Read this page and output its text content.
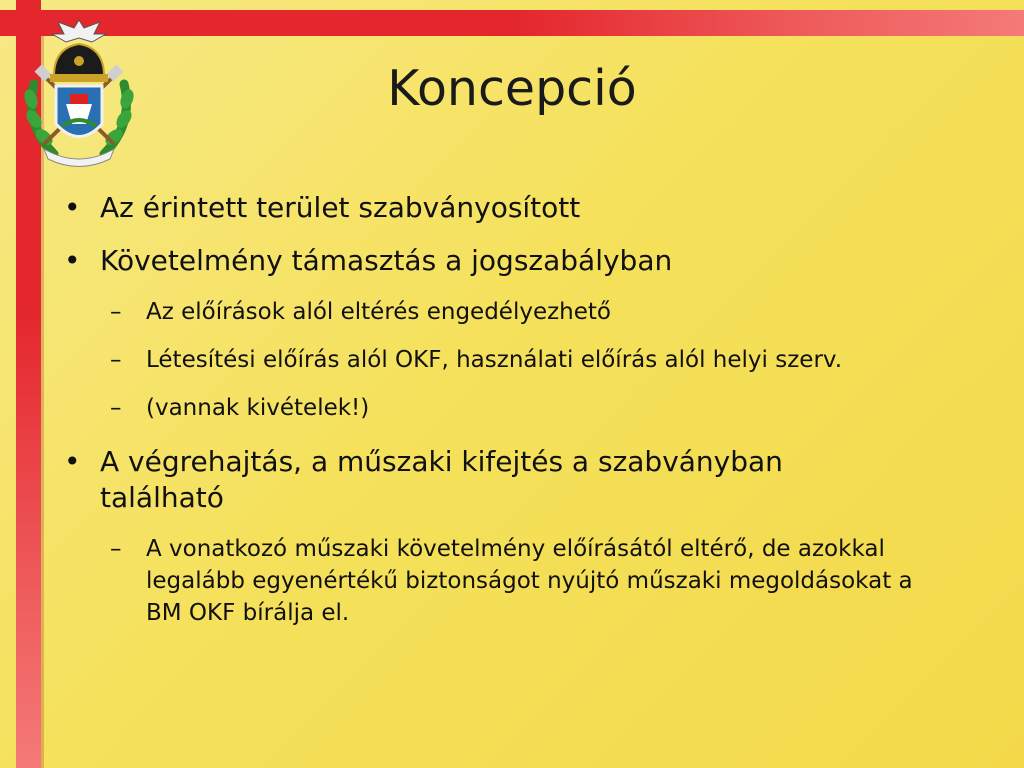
Koncepció
• Az érintett terület szabványosított
• Követelmény támasztás a jogszabályban
– Az előírások alól eltérés engedélyezhető
– Létesítési előírás alól OKF, használati előírás alól helyi szerv.
– (vannak kivételek!)
• A végrehajtás, a műszaki kifejtés a szabványban található
– A vonatkozó műszaki követelmény előírásától eltérő, de azokkal legalább egyenértékű biztonságot nyújtó műszaki megoldásokat a BM OKF bírálja el.
